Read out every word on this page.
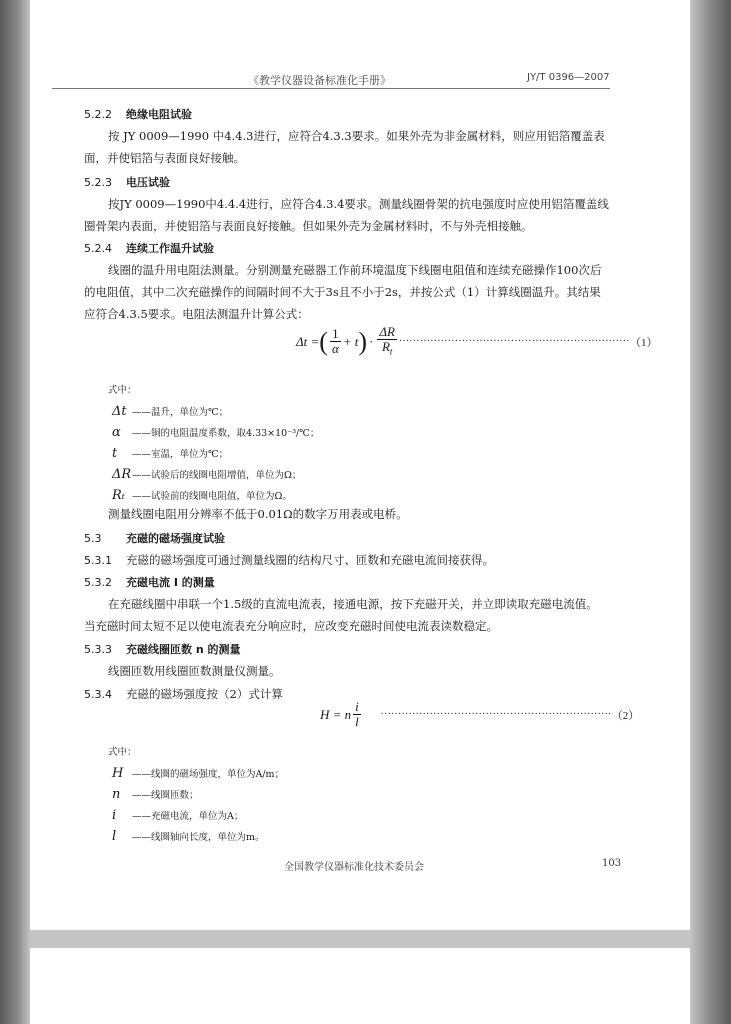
《教学仪器设备标准化手册》	JY/T 0396—2007
5.2.2 绝缘电阻试验
按 JY 0009—1990 中4.4.3进行，应符合4.3.3要求。如果外壳为非金属材料，则应用铝箔覆盖表
面，并使铝箔与表面良好接触。
5.2.3 电压试验
按JY 0009—1990中4.4.4进行，应符合4.3.4要求。测量线圈骨架的抗电强度时应使用铝箔覆盖线
圈骨架内表面，并使铝箔与表面良好接触。但如果外壳为金属材料时，不与外壳相接触。
5.2.4 连续工作温升试验
线圈的温升用电阻法测量。分别测量充磁器工作前环境温度下线圈电阻值和连续充磁操作100次后
的电阻值，其中二次充磁操作的间隔时间不大于3s且不小于2s，并按公式（1）计算线圈温升。其结果
应符合4.3.5要求。电阻法测温升计算公式：
Δt = ( $\frac{1}{\alpha} + t$ ) · $\frac{\Delta R}{R_t}$ ·································································· （1）
式中：
Δt ——温升，单位为℃；
α ——铜的电阻温度系数，取4.33×10⁻³/℃；
t ——室温，单位为℃；
ΔR——试验后的线圈电阻增值，单位为Ω；
Rₜ ——试验前的线圈电阻值，单位为Ω。
测量线圈电阻用分辨率不低于0.01Ω的数字万用表或电桥。
5.3 充磁的磁场强度试验
5.3.1 充磁的磁场强度可通过测量线圈的结构尺寸、匝数和充磁电流间接获得。
5.3.2 充磁电流 I 的测量
在充磁线圈中串联一个1.5级的直流电流表，接通电源，按下充磁开关，并立即读取充磁电流值。
当充磁时间太短不足以使电流表充分响应时，应改变充磁时间使电流表读数稳定。
5.3.3 充磁线圈匝数 n 的测量
线圈匝数用线圈匝数测量仪测量。
5.3.4 充磁的磁场强度按（2）式计算
H = n $\frac{i}{l}$ ·································································· （2）
式中：
H ——线圈的磁场强度，单位为A/m；
n ——线圈匝数；
i ——充磁电流，单位为A；
l ——线圈轴向长度，单位为m。
全国教学仪器标准化技术委员会	103
